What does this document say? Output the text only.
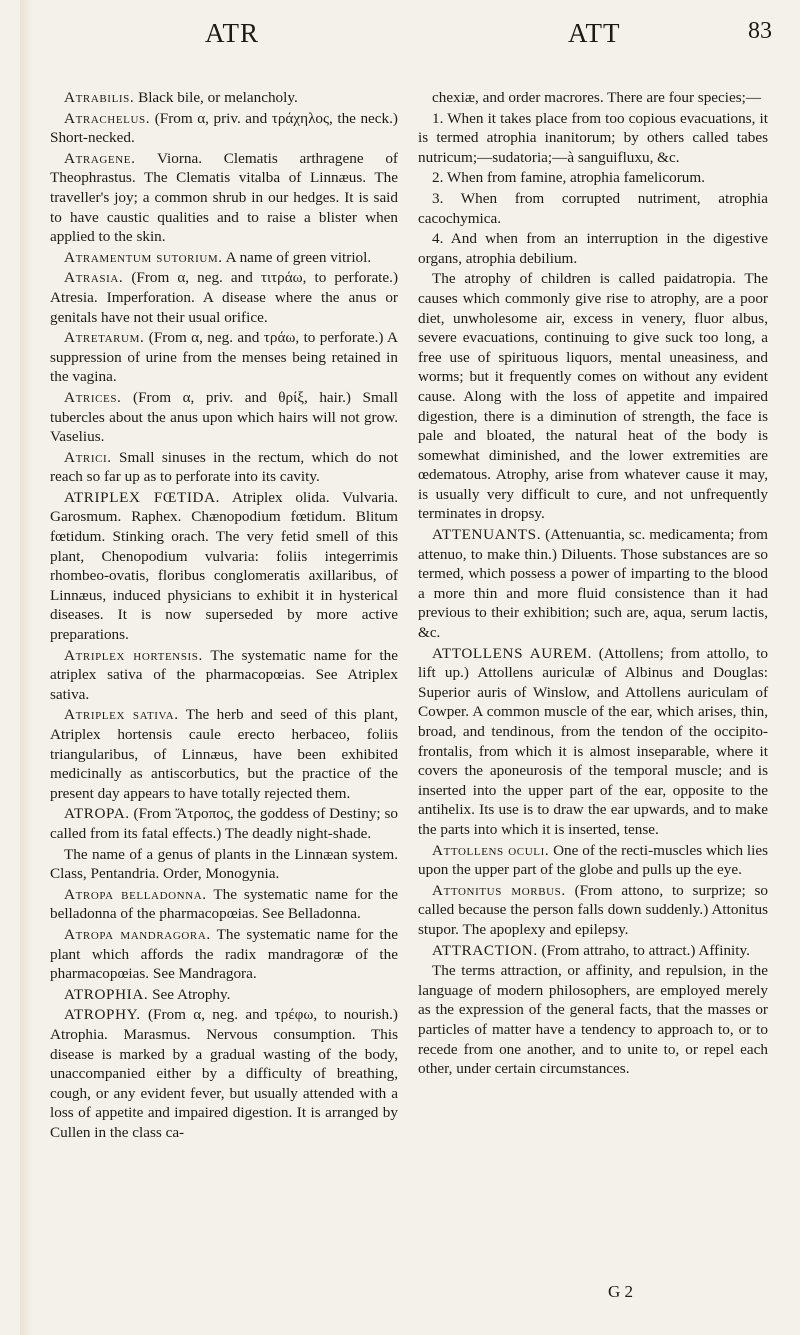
ATR	ATT	83

Atrabilis. Black bile, or melancholy.

Atrachelus. (From α, priv. and τράχηλος, the neck.) Short-necked.

Atragene. Viorna. Clematis arthragene of Theophrastus. The Clematis vitalba of Linnæus. The traveller's joy; a common shrub in our hedges. It is said to have caustic qualities and to raise a blister when applied to the skin.

Atramentum sutorium. A name of green vitriol.

Atrasia. (From α, neg. and τιτράω, to perforate.) Atresia. Imperforation. A disease where the anus or genitals have not their usual orifice.

Atretarum. (From α, neg. and τράω, to perforate.) A suppression of urine from the menses being retained in the vagina.

Atrices. (From α, priv. and θρίξ, hair.) Small tubercles about the anus upon which hairs will not grow. Vaselius.

Atrici. Small sinuses in the rectum, which do not reach so far up as to perforate into its cavity.

ATRIPLEX FŒTIDA. Atriplex olida. Vulvaria. Garosmum. Raphex. Chænopodium fœtidum. Blitum fœtidum. Stinking orach. The very fetid smell of this plant, Chenopodium vulvaria: foliis integerrimis rhombeo-ovatis, floribus conglomeratis axillaribus, of Linnæus, induced physicians to exhibit it in hysterical diseases. It is now superseded by more active preparations.

Atriplex hortensis. The systematic name for the atriplex sativa of the pharmacopœias. See Atriplex sativa.

Atriplex sativa. The herb and seed of this plant, Atriplex hortensis caule erecto herbaceo, foliis triangularibus, of Linnæus, have been exhibited medicinally as antiscorbutics, but the practice of the present day appears to have totally rejected them.

ATROPA. (From Ἄτροπος, the goddess of Destiny; so called from its fatal effects.) The deadly night-shade.

The name of a genus of plants in the Linnæan system. Class, Pentandria. Order, Monogynia.

Atropa belladonna. The systematic name for the belladonna of the pharmacopœias. See Belladonna.

Atropa mandragora. The systematic name for the plant which affords the radix mandragoræ of the pharmacopœias. See Mandragora.

ATROPHIA. See Atrophy.

ATROPHY. (From α, neg. and τρέφω, to nourish.) Atrophia. Marasmus. Nervous consumption. This disease is marked by a gradual wasting of the body, unaccompanied either by a difficulty of breathing, cough, or any evident fever, but usually attended with a loss of appetite and impaired digestion. It is arranged by Cullen in the class ca-

chexiæ, and order macrores. There are four species;—

1. When it takes place from too copious evacuations, it is termed atrophia inanitorum; by others called tabes nutricum;—sudatoria;—à sanguifluxu, &c.

2. When from famine, atrophia famelicorum.

3. When from corrupted nutriment, atrophia cacochymica.

4. And when from an interruption in the digestive organs, atrophia debilium.

The atrophy of children is called paidatropia. The causes which commonly give rise to atrophy, are a poor diet, unwholesome air, excess in venery, fluor albus, severe evacuations, continuing to give suck too long, a free use of spirituous liquors, mental uneasiness, and worms; but it frequently comes on without any evident cause. Along with the loss of appetite and impaired digestion, there is a diminution of strength, the face is pale and bloated, the natural heat of the body is somewhat diminished, and the lower extremities are œdematous. Atrophy, arise from whatever cause it may, is usually very difficult to cure, and not unfrequently terminates in dropsy.

ATTENUANTS. (Attenuantia, sc. medicamenta; from attenuo, to make thin.) Diluents. Those substances are so termed, which possess a power of imparting to the blood a more thin and more fluid consistence than it had previous to their exhibition; such are, aqua, serum lactis, &c.

ATTOLLENS AUREM. (Attollens; from attollo, to lift up.) Attollens auriculæ of Albinus and Douglas: Superior auris of Winslow, and Attollens auriculam of Cowper. A common muscle of the ear, which arises, thin, broad, and tendinous, from the tendon of the occipito-frontalis, from which it is almost inseparable, where it covers the aponeurosis of the temporal muscle; and is inserted into the upper part of the ear, opposite to the antihelix. Its use is to draw the ear upwards, and to make the parts into which it is inserted, tense.

Attollens oculi. One of the recti-muscles which lies upon the upper part of the globe and pulls up the eye.

Attonitus morbus. (From attono, to surprize; so called because the person falls down suddenly.) Attonitus stupor. The apoplexy and epilepsy.

ATTRACTION. (From attraho, to attract.) Affinity.

The terms attraction, or affinity, and repulsion, in the language of modern philosophers, are employed merely as the expression of the general facts, that the masses or particles of matter have a tendency to approach to, or to recede from one another, and to unite to, or repel each other, under certain circumstances.

G 2
